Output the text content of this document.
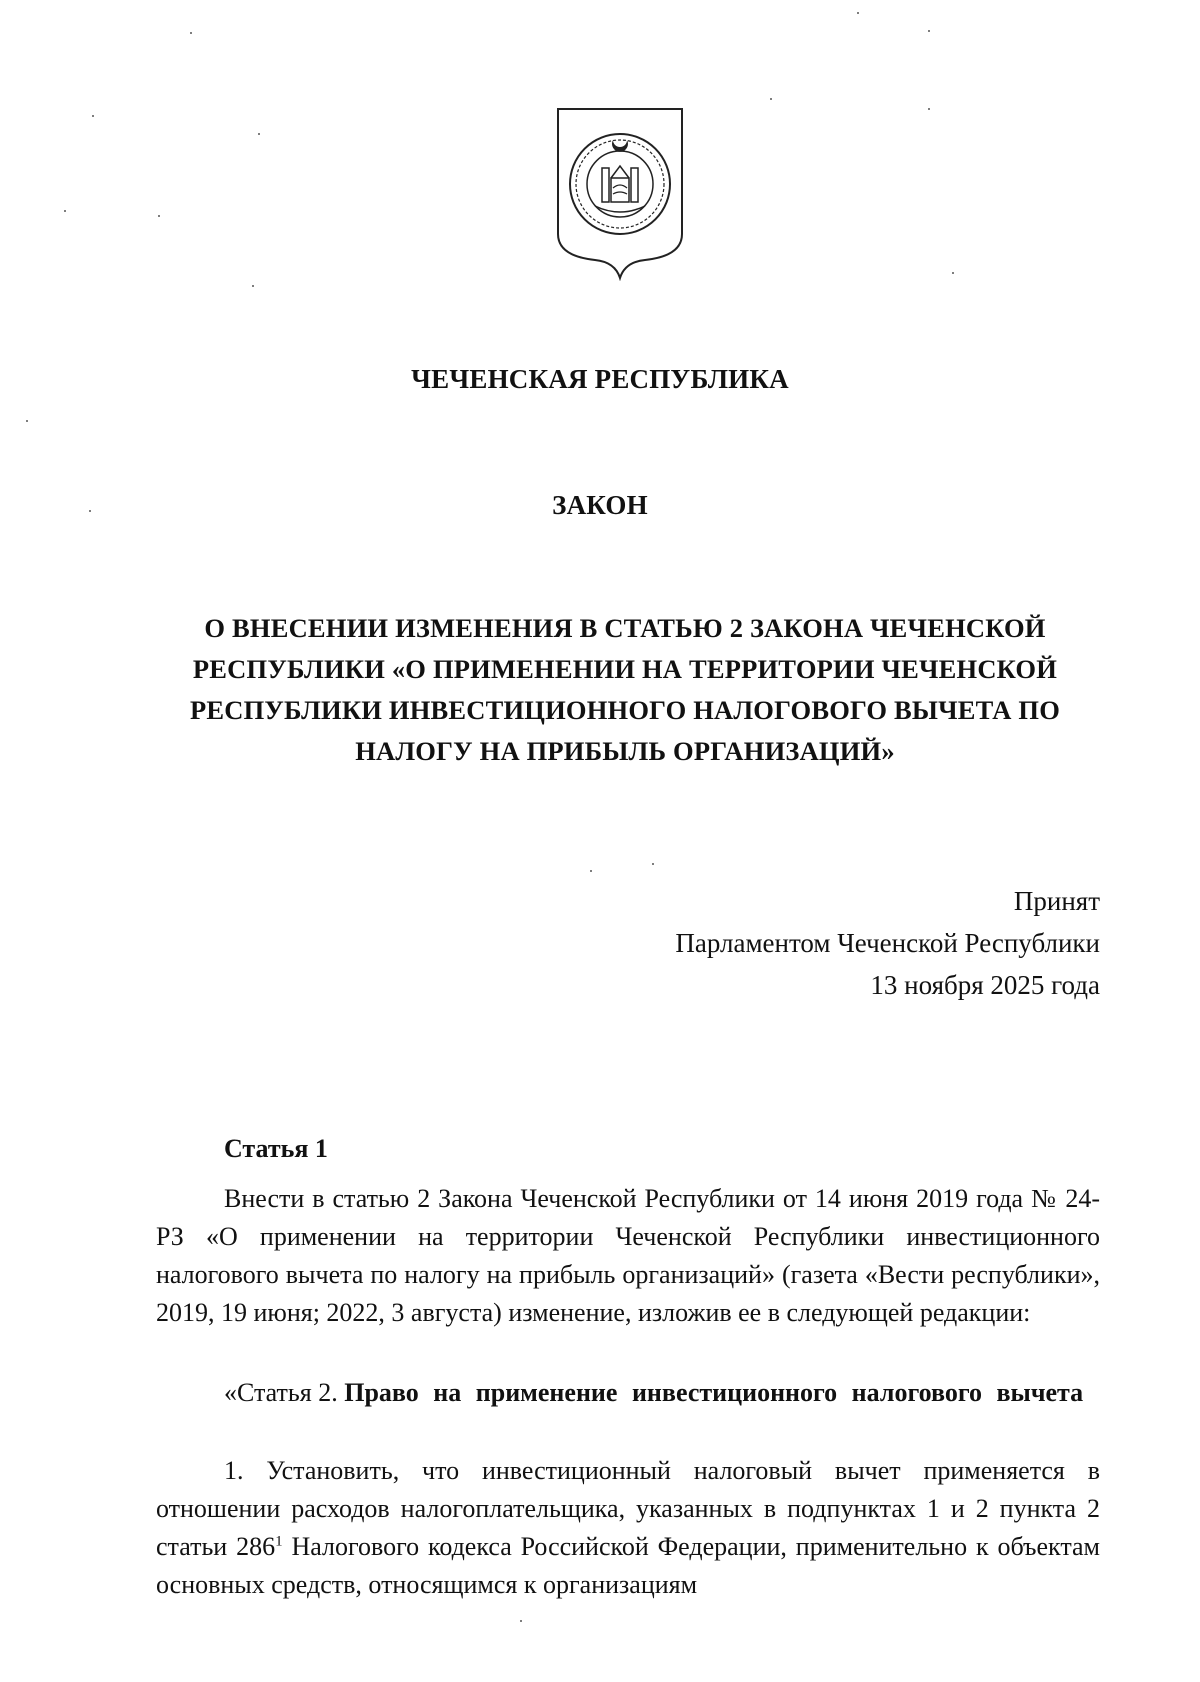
ЧЕЧЕНСКАЯ РЕСПУБЛИКА
ЗАКОН
О ВНЕСЕНИИ ИЗМЕНЕНИЯ В СТАТЬЮ 2 ЗАКОНА ЧЕЧЕНСКОЙ РЕСПУБЛИКИ «О ПРИМЕНЕНИИ НА ТЕРРИТОРИИ ЧЕЧЕНСКОЙ РЕСПУБЛИКИ ИНВЕСТИЦИОННОГО НАЛОГОВОГО ВЫЧЕТА ПО НАЛОГУ НА ПРИБЫЛЬ ОРГАНИЗАЦИЙ»
Принят
Парламентом Чеченской Республики
13 ноября 2025 года
Статья 1
Внести в статью 2 Закона Чеченской Республики от 14 июня 2019 года № 24-РЗ «О применении на территории Чеченской Республики инвестиционного налогового вычета по налогу на прибыль организаций» (газета «Вести республики», 2019, 19 июня; 2022, 3 августа) изменение, изложив ее в следующей редакции:
«Статья 2. Право на применение инвестиционного налогового вычета
1. Установить, что инвестиционный налоговый вычет применяется в отношении расходов налогоплательщика, указанных в подпунктах 1 и 2 пункта 2 статьи $286^1$ Налогового кодекса Российской Федерации, применительно к объектам основных средств, относящимся к организациям
